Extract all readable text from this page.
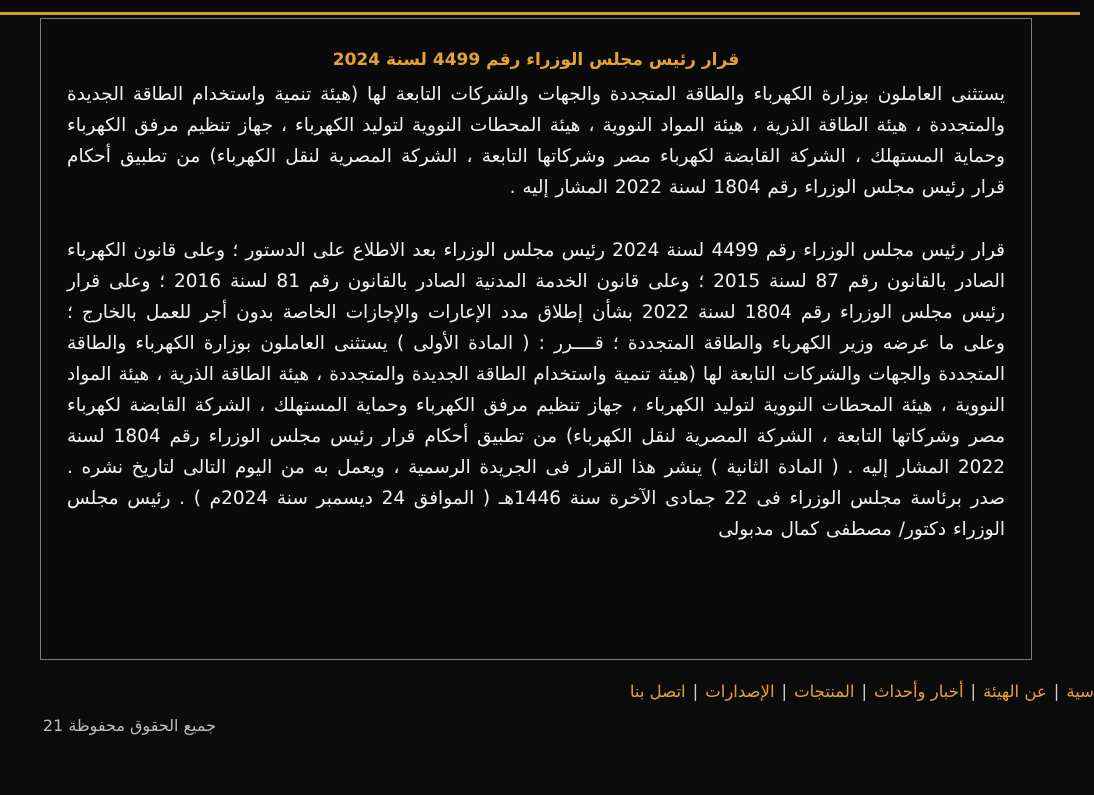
قرار رئيس مجلس الوزراء رقم 4499 لسنة 2024

يستثنى العاملون بوزارة الكهرباء والطاقة المتجددة والجهات والشركات التابعة لها (هيئة تنمية واستخدام الطاقة الجديدة والمتجددة ، هيئة الطاقة الذرية ، هيئة المواد النووية ، هيئة المحطات النووية لتوليد الكهرباء ، جهاز تنظيم مرفق الكهرباء وحماية المستهلك ، الشركة القابضة لكهرباء مصر وشركاتها التابعة ، الشركة المصرية لنقل الكهرباء) من تطبيق أحكام قرار رئيس مجلس الوزراء رقم 1804 لسنة 2022 المشار إليه .

قرار رئيس مجلس الوزراء رقم 4499 لسنة 2024 رئيس مجلس الوزراء بعد الاطلاع على الدستور ؛ وعلى قانون الكهرباء الصادر بالقانون رقم 87 لسنة 2015 ؛ وعلى قانون الخدمة المدنية الصادر بالقانون رقم 81 لسنة 2016 ؛ وعلى قرار رئيس مجلس الوزراء رقم 1804 لسنة 2022 بشأن إطلاق مدد الإعارات والإجازات الخاصة بدون أجر للعمل بالخارج ؛ وعلى ما عرضه وزير الكهرباء والطاقة المتجددة ؛ قــــرر : ( المادة الأولى ) يستثنى العاملون بوزارة الكهرباء والطاقة المتجددة والجهات والشركات التابعة لها (هيئة تنمية واستخدام الطاقة الجديدة والمتجددة ، هيئة الطاقة الذرية ، هيئة المواد النووية ، هيئة المحطات النووية لتوليد الكهرباء ، جهاز تنظيم مرفق الكهرباء وحماية المستهلك ، الشركة القابضة لكهرباء مصر وشركاتها التابعة ، الشركة المصرية لنقل الكهرباء) من تطبيق أحكام قرار رئيس مجلس الوزراء رقم 1804 لسنة 2022 المشار إليه . ( المادة الثانية ) ينشر هذا القرار فى الجريدة الرسمية ، ويعمل به من اليوم التالى لتاريخ نشره . صدر برئاسة مجلس الوزراء فى 22 جمادى الآخرة سنة 1446هـ ( الموافق 24 ديسمبر سنة 2024م ) . رئيس مجلس الوزراء دكتور/ مصطفى كمال مدبولى

سية|عن الهيئة|أخبار وأحداث|المنتجات|الإصدارات|اتصل بنا
جميع الحقوق محفوظة 21
